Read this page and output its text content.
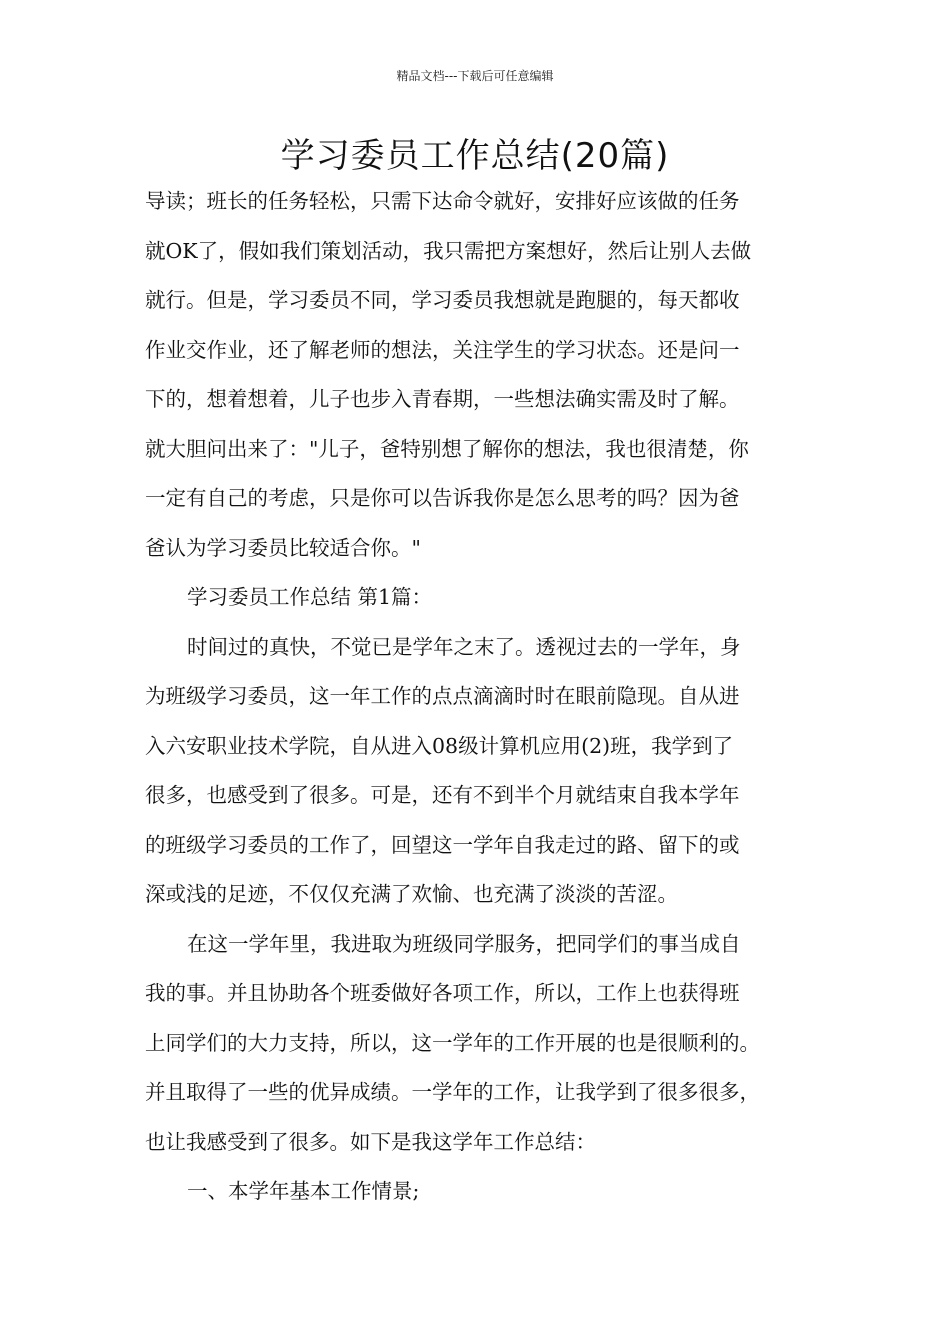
精品文档---下载后可任意编辑
学习委员工作总结(20篇)
导读；班长的任务轻松，只需下达命令就好，安排好应该做的任务
就OK了，假如我们策划活动，我只需把方案想好，然后让别人去做
就行。但是，学习委员不同，学习委员我想就是跑腿的，每天都收
作业交作业，还了解老师的想法，关注学生的学习状态。还是问一
下的，想着想着，儿子也步入青春期，一些想法确实需及时了解。
就大胆问出来了："儿子，爸特别想了解你的想法，我也很清楚，你
一定有自己的考虑，只是你可以告诉我你是怎么思考的吗？因为爸
爸认为学习委员比较适合你。"
学习委员工作总结 第1篇：
时间过的真快，不觉已是学年之末了。透视过去的一学年，身
为班级学习委员，这一年工作的点点滴滴时时在眼前隐现。自从进
入六安职业技术学院，自从进入08级计算机应用(2)班，我学到了
很多，也感受到了很多。可是，还有不到半个月就结束自我本学年
的班级学习委员的工作了，回望这一学年自我走过的路、留下的或
深或浅的足迹，不仅仅充满了欢愉、也充满了淡淡的苦涩。
在这一学年里，我进取为班级同学服务，把同学们的事当成自
我的事。并且协助各个班委做好各项工作，所以，工作上也获得班
上同学们的大力支持，所以，这一学年的工作开展的也是很顺利的。
并且取得了一些的优异成绩。一学年的工作，让我学到了很多很多，
也让我感受到了很多。如下是我这学年工作总结：
一、本学年基本工作情景;
